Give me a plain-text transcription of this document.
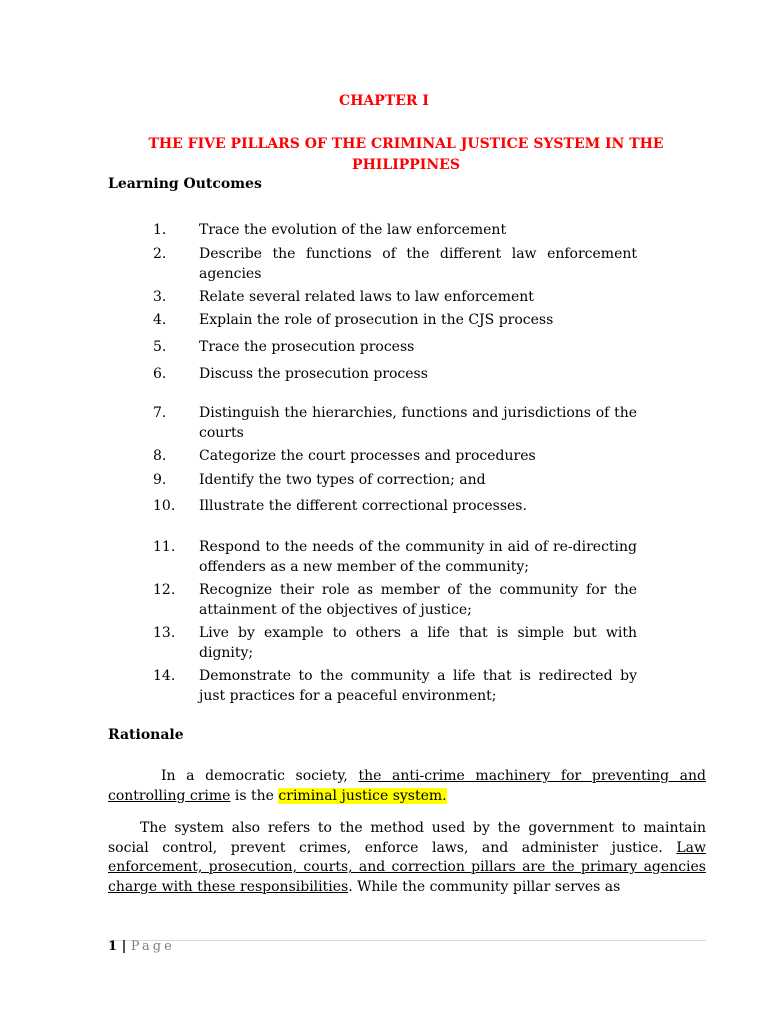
CHAPTER I
THE FIVE PILLARS OF THE CRIMINAL JUSTICE SYSTEM IN THE PHILIPPINES
Learning Outcomes
1.	Trace the evolution of the law enforcement
2.	Describe the functions of the different law enforcement agencies
3.	Relate several related laws to law enforcement
4.	Explain the role of prosecution in the CJS process
5.	Trace the prosecution process
6.	Discuss the prosecution process
7.	Distinguish the hierarchies, functions and jurisdictions of the courts
8.	Categorize the court processes and procedures
9.	Identify the two types of correction; and
10.	Illustrate the different correctional processes.
11.	Respond to the needs of the community in aid of re-directing offenders as a new member of the community;
12.	Recognize their role as member of the community for the attainment of the objectives of justice;
13.	Live by example to others a life that is simple but with dignity;
14.	Demonstrate to the community a life that is redirected by just practices for a peaceful environment;
Rationale
In a democratic society, the anti-crime machinery for preventing and controlling crime is the criminal justice system.
The system also refers to the method used by the government to maintain social control, prevent crimes, enforce laws, and administer justice. Law enforcement, prosecution, courts, and correction pillars are the primary agencies charge with these responsibilities. While the community pillar serves as
1 | Page
